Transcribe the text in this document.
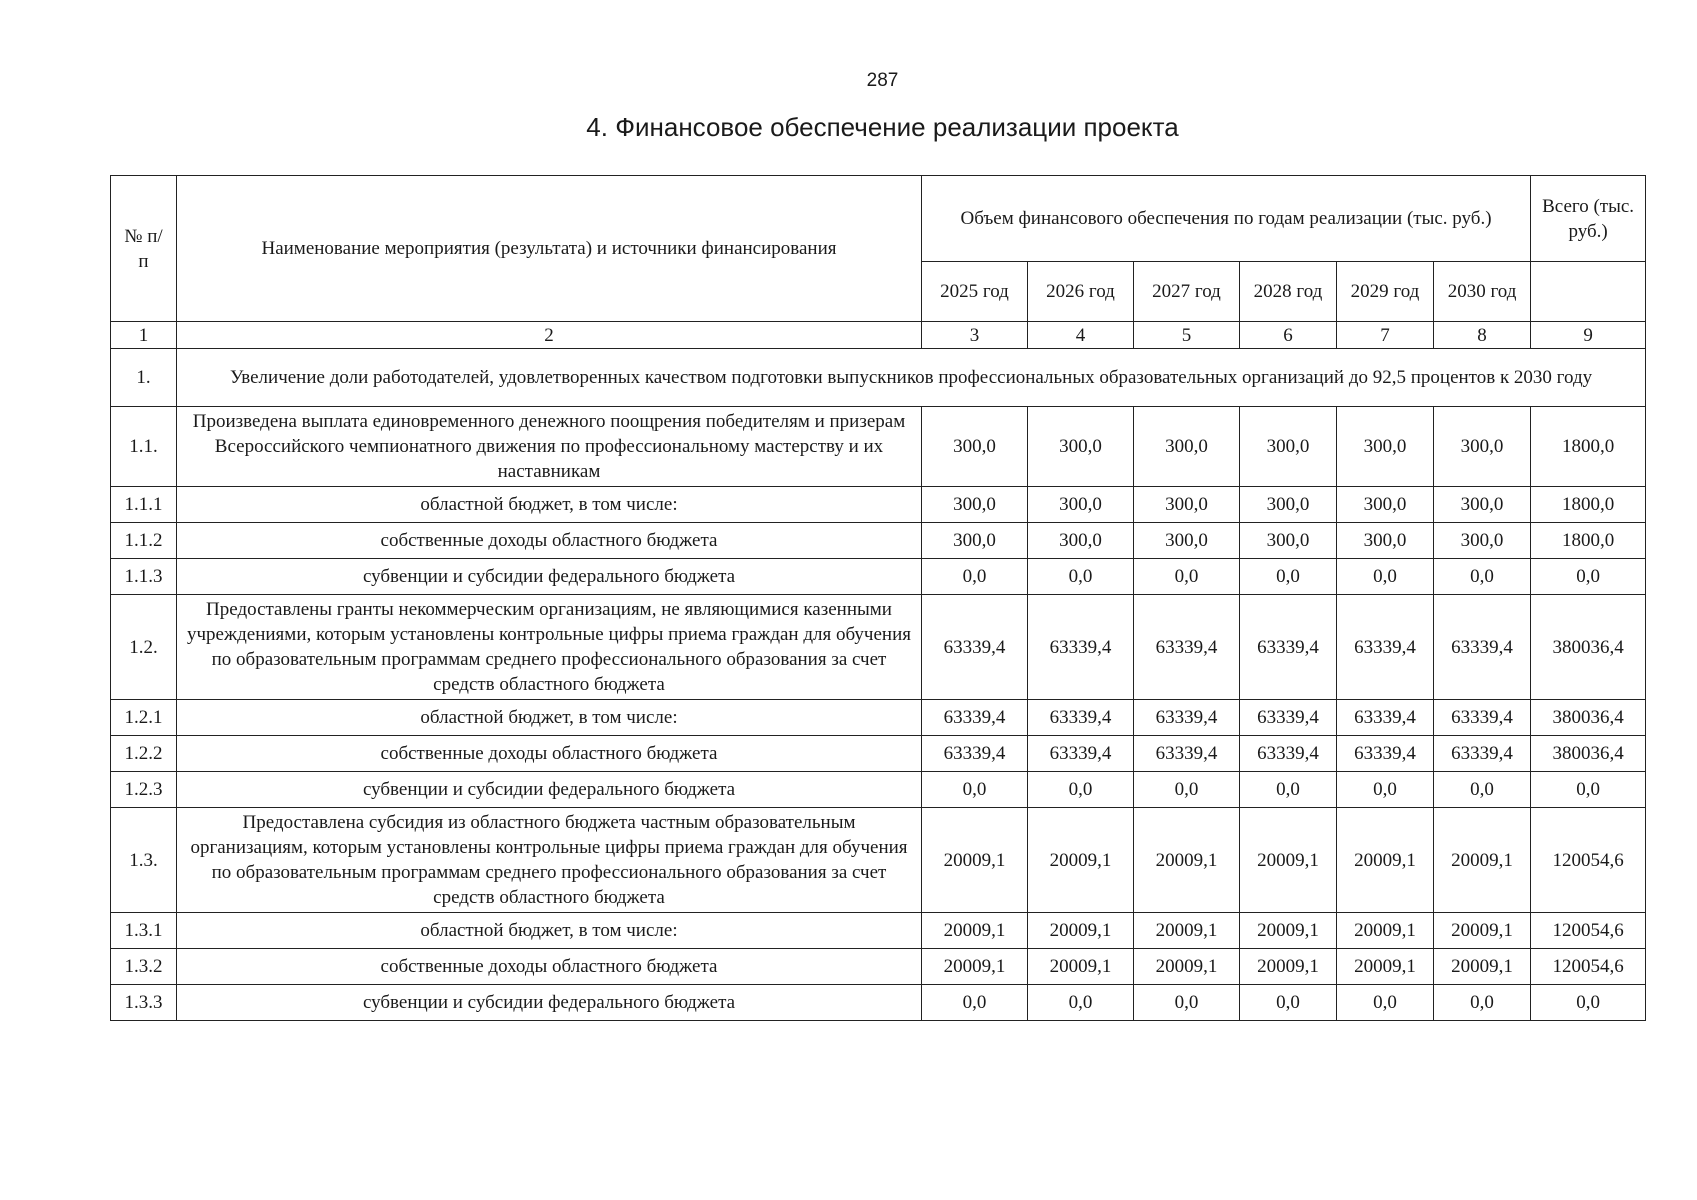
287
4. Финансовое обеспечение реализации проекта
№ п/п	Наименование мероприятия (результата) и источники финансирования	Объем финансового обеспечения по годам реализации (тыс. руб.)						Всего (тыс. руб.)
		2025 год	2026 год	2027 год	2028 год	2029 год	2030 год	
1	2	3	4	5	6	7	8	9
1.	Увеличение доли работодателей, удовлетворенных качеством подготовки выпускников профессиональных образовательных организаций до 92,5 процентов к 2030 году							
1.1.	Произведена выплата единовременного денежного поощрения победителям и призерам Всероссийского чемпионатного движения по профессиональному мастерству и их наставникам	300,0	300,0	300,0	300,0	300,0	300,0	1800,0
1.1.1	областной бюджет, в том числе:	300,0	300,0	300,0	300,0	300,0	300,0	1800,0
1.1.2	собственные доходы областного бюджета	300,0	300,0	300,0	300,0	300,0	300,0	1800,0
1.1.3	субвенции и субсидии федерального бюджета	0,0	0,0	0,0	0,0	0,0	0,0	0,0
1.2.	Предоставлены гранты некоммерческим организациям, не являющимися казенными учреждениями, которым установлены контрольные цифры приема граждан для обучения по образовательным программам среднего профессионального образования за счет средств областного бюджета	63339,4	63339,4	63339,4	63339,4	63339,4	63339,4	380036,4
1.2.1	областной бюджет, в том числе:	63339,4	63339,4	63339,4	63339,4	63339,4	63339,4	380036,4
1.2.2	собственные доходы областного бюджета	63339,4	63339,4	63339,4	63339,4	63339,4	63339,4	380036,4
1.2.3	субвенции и субсидии федерального бюджета	0,0	0,0	0,0	0,0	0,0	0,0	0,0
1.3.	Предоставлена субсидия из областного бюджета частным образовательным организациям, которым установлены контрольные цифры приема граждан для обучения по образовательным программам среднего профессионального образования за счет средств областного бюджета	20009,1	20009,1	20009,1	20009,1	20009,1	20009,1	120054,6
1.3.1	областной бюджет, в том числе:	20009,1	20009,1	20009,1	20009,1	20009,1	20009,1	120054,6
1.3.2	собственные доходы областного бюджета	20009,1	20009,1	20009,1	20009,1	20009,1	20009,1	120054,6
1.3.3	субвенции и субсидии федерального бюджета	0,0	0,0	0,0	0,0	0,0	0,0	0,0
